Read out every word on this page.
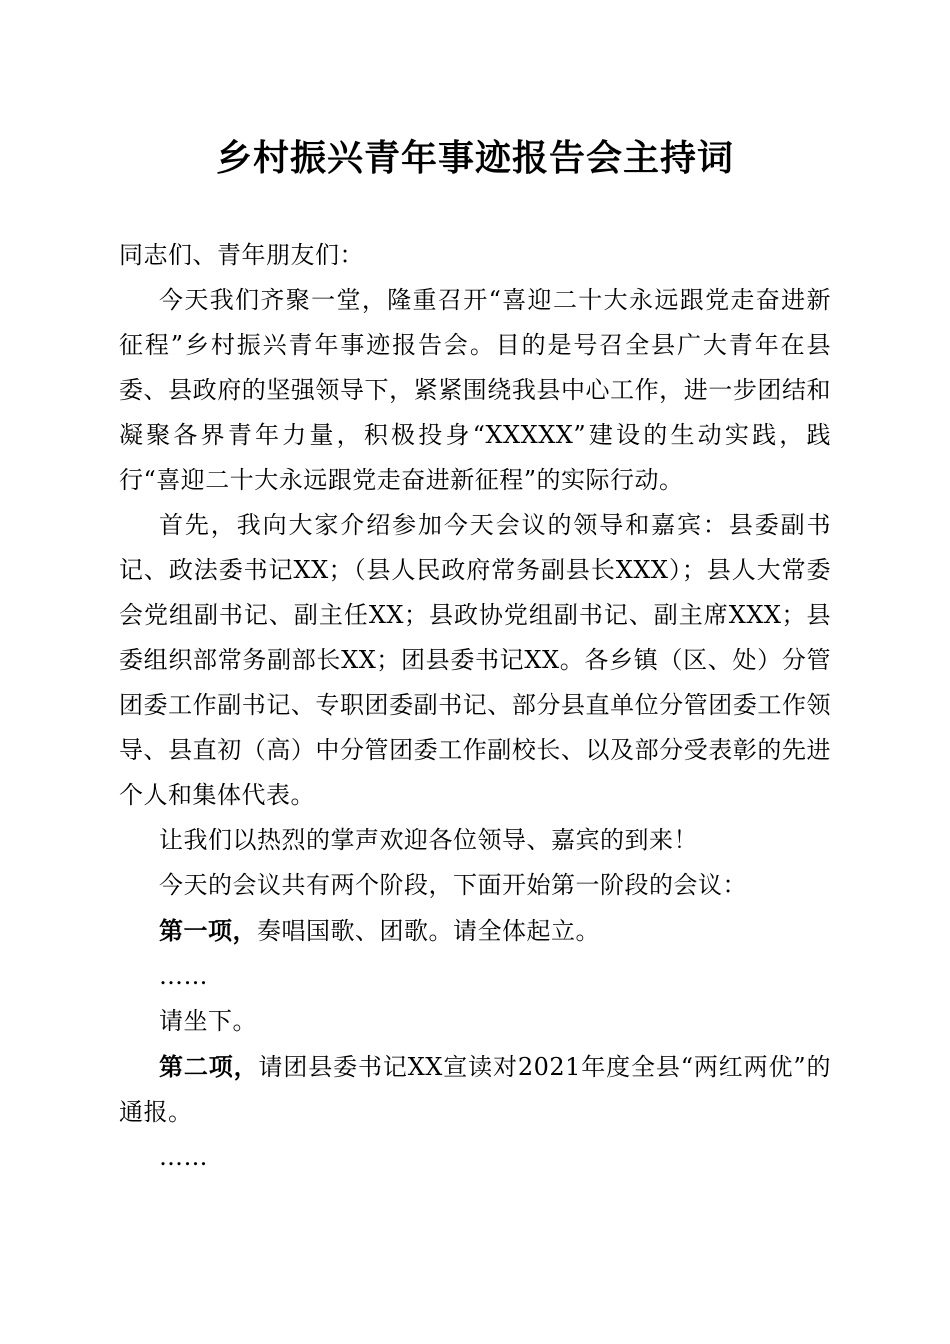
乡村振兴青年事迹报告会主持词

同志们、青年朋友们：

今天我们齐聚一堂，隆重召开“喜迎二十大永远跟党走奋进新征程”乡村振兴青年事迹报告会。目的是号召全县广大青年在县委、县政府的坚强领导下，紧紧围绕我县中心工作，进一步团结和凝聚各界青年力量，积极投身“XXXXX”建设的生动实践，践行“喜迎二十大永远跟党走奋进新征程”的实际行动。

首先，我向大家介绍参加今天会议的领导和嘉宾：县委副书记、政法委书记XX；（县人民政府常务副县长XXX）；县人大常委会党组副书记、副主任XX；县政协党组副书记、副主席XXX；县委组织部常务副部长XX；团县委书记XX。各乡镇（区、处）分管团委工作副书记、专职团委副书记、部分县直单位分管团委工作领导、县直初（高）中分管团委工作副校长、以及部分受表彰的先进个人和集体代表。

让我们以热烈的掌声欢迎各位领导、嘉宾的到来！

今天的会议共有两个阶段，下面开始第一阶段的会议：

第一项，奏唱国歌、团歌。请全体起立。

……

请坐下。

第二项，请团县委书记XX宣读对2021年度全县“两红两优”的通报。

……
